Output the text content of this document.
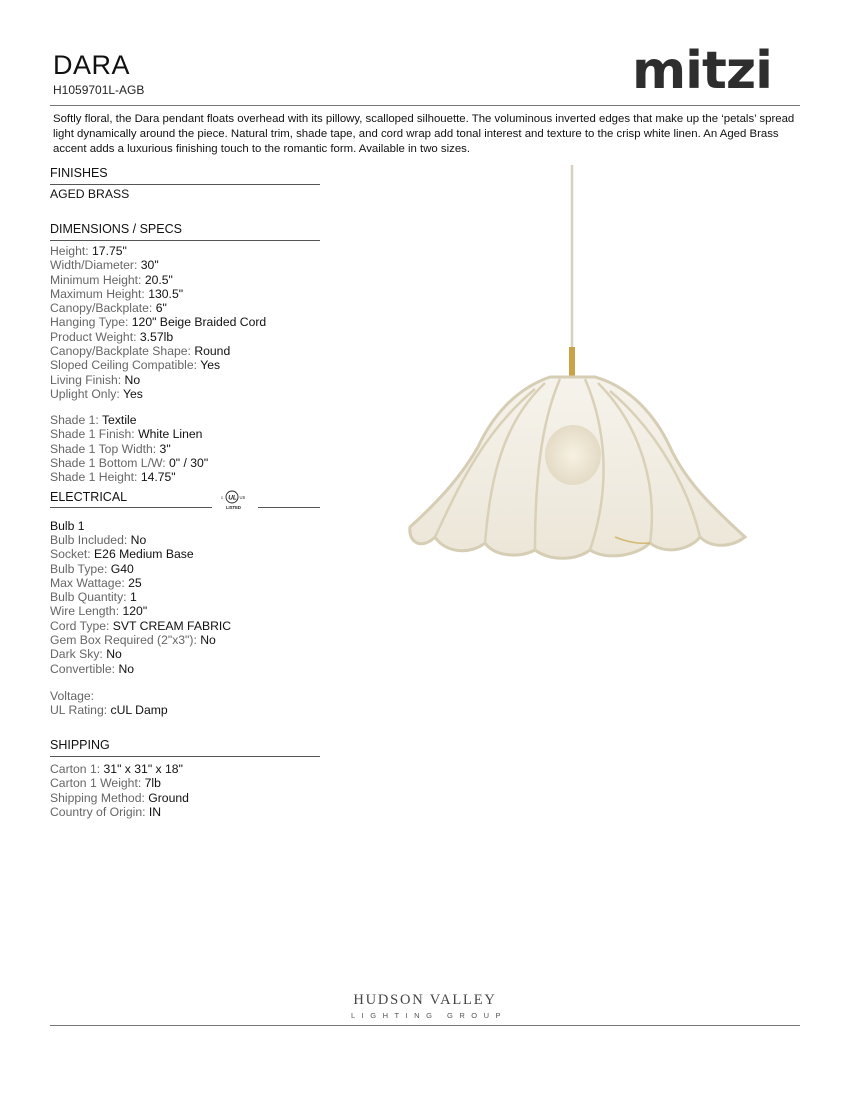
DARA
H1059701L-AGB	mitzi
Softly floral, the Dara pendant floats overhead with its pillowy, scalloped silhouette. The voluminous inverted edges that make up the ‘petals’ spread light dynamically around the piece. Natural trim, shade tape, and cord wrap add tonal interest and texture to the crisp white linen. An Aged Brass accent adds a luxurious finishing touch to the romantic form. Available in two sizes.
FINISHES
AGED BRASS
DIMENSIONS / SPECS
Height: 17.75"
Width/Diameter: 30"
Minimum Height: 20.5"
Maximum Height: 130.5"
Canopy/Backplate: 6"
Hanging Type: 120" Beige Braided Cord
Product Weight: 3.57lb
Canopy/Backplate Shape: Round
Sloped Ceiling Compatible: Yes
Living Finish: No
Uplight Only: Yes
Shade 1: Textile
Shade 1 Finish: White Linen
Shade 1 Top Width: 3"
Shade 1 Bottom L/W: 0" / 30"
Shade 1 Height: 14.75"
ELECTRICAL	c UL US
LISTED
Bulb 1
Bulb Included: No
Socket: E26 Medium Base
Bulb Type: G40
Max Wattage: 25
Bulb Quantity: 1
Wire Length: 120"
Cord Type: SVT CREAM FABRIC
Gem Box Required (2"x3"): No
Dark Sky: No
Convertible: No
Voltage:
UL Rating: cUL Damp
SHIPPING
Carton 1: 31" x 31" x 18"
Carton 1 Weight: 7lb
Shipping Method: Ground
Country of Origin: IN
HUDSON VALLEY
LIGHTING GROUP
